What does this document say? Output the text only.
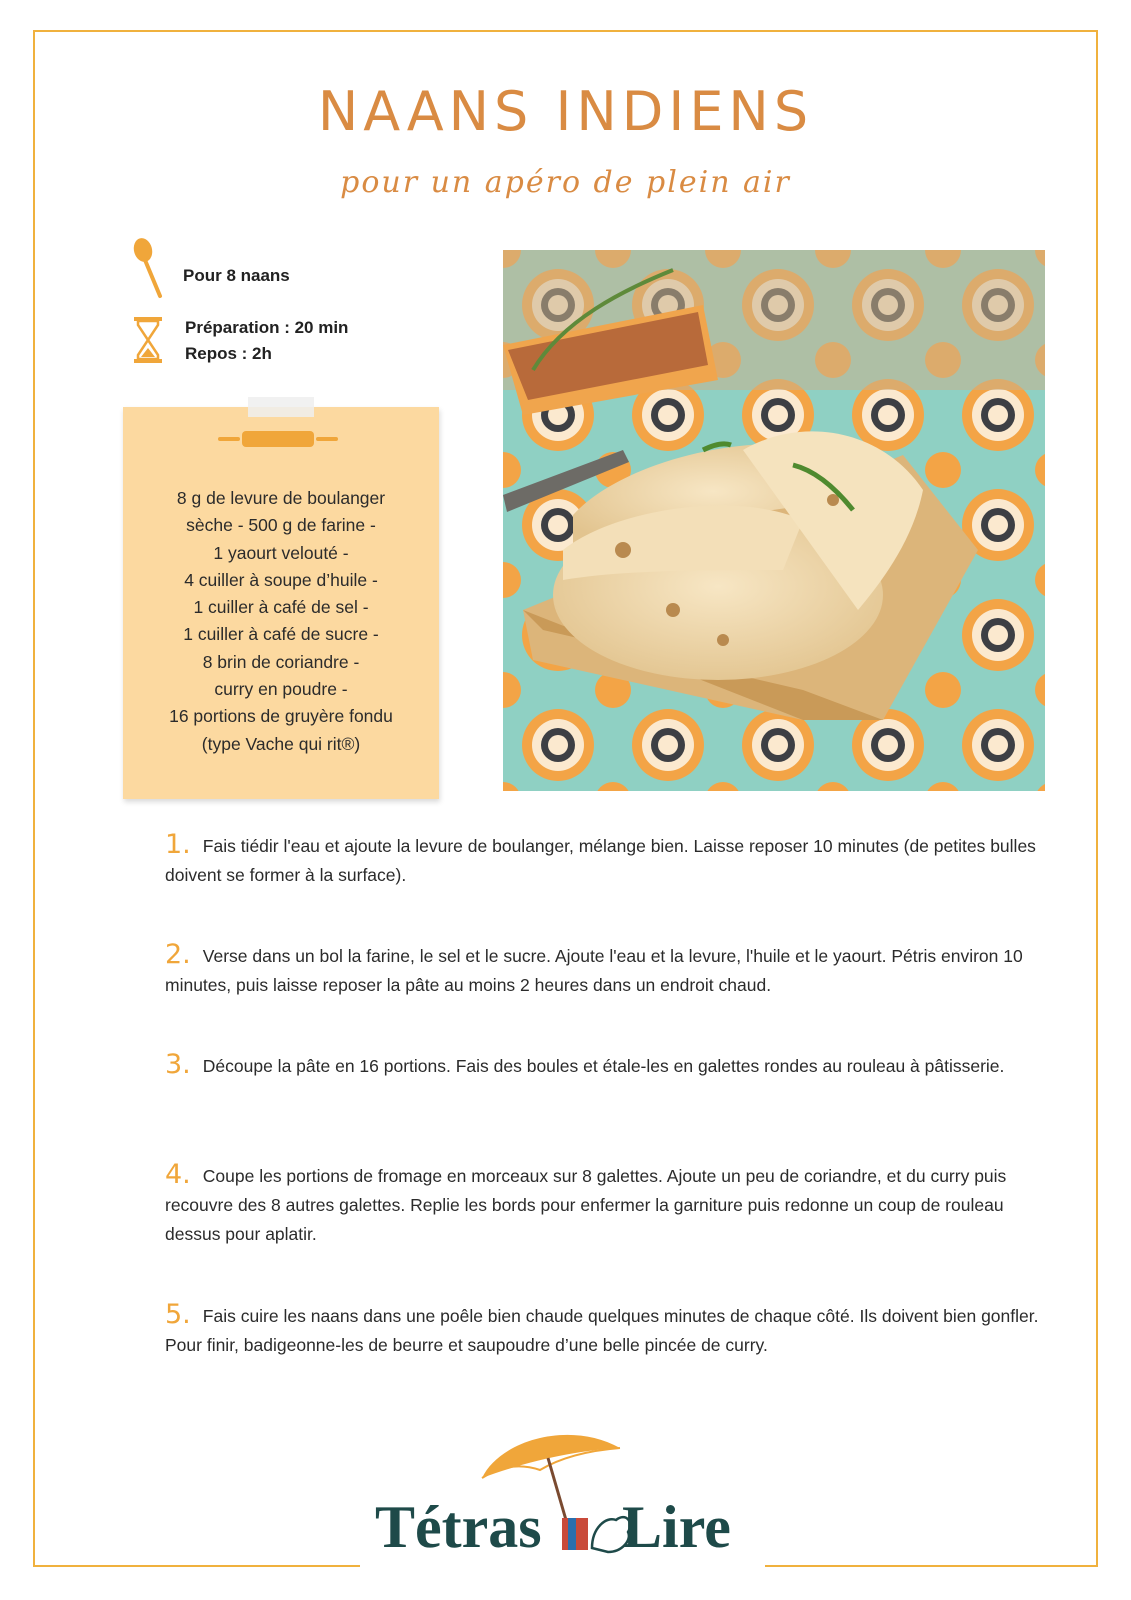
NAANS INDIENS
pour un apéro de plein air
Pour 8 naans
Préparation : 20 min
Repos : 2h
8 g de levure de boulanger
sèche - 500 g de farine -
1 yaourt velouté -
4 cuiller à soupe d’huile -
1 cuiller à café de sel -
1 cuiller à café de sucre -
8 brin de coriandre -
curry en poudre -
16 portions de gruyère fondu
(type Vache qui rit®)
1. Fais tiédir l'eau et ajoute la levure de boulanger, mélange bien. Laisse reposer 10 minutes (de petites bulles doivent se former à la surface).
2. Verse dans un bol la farine, le sel et le sucre. Ajoute l'eau et la levure, l'huile et le yaourt. Pétris environ 10 minutes, puis laisse reposer la pâte au moins 2 heures dans un endroit chaud.
3. Découpe la pâte en 16 portions. Fais des boules et étale-les en galettes rondes au rouleau à pâtisserie.
4. Coupe les portions de fromage en morceaux sur 8 galettes. Ajoute un peu de coriandre, et du curry puis recouvre des 8 autres galettes. Replie les bords pour enfermer la garniture puis redonne un coup de rouleau dessus pour aplatir.
5. Fais cuire les naans dans une poêle bien chaude quelques minutes de chaque côté. Ils doivent bien gonfler. Pour finir, badigeonne-les de beurre et saupoudre d’une belle pincée de curry.
Tétras Lire
